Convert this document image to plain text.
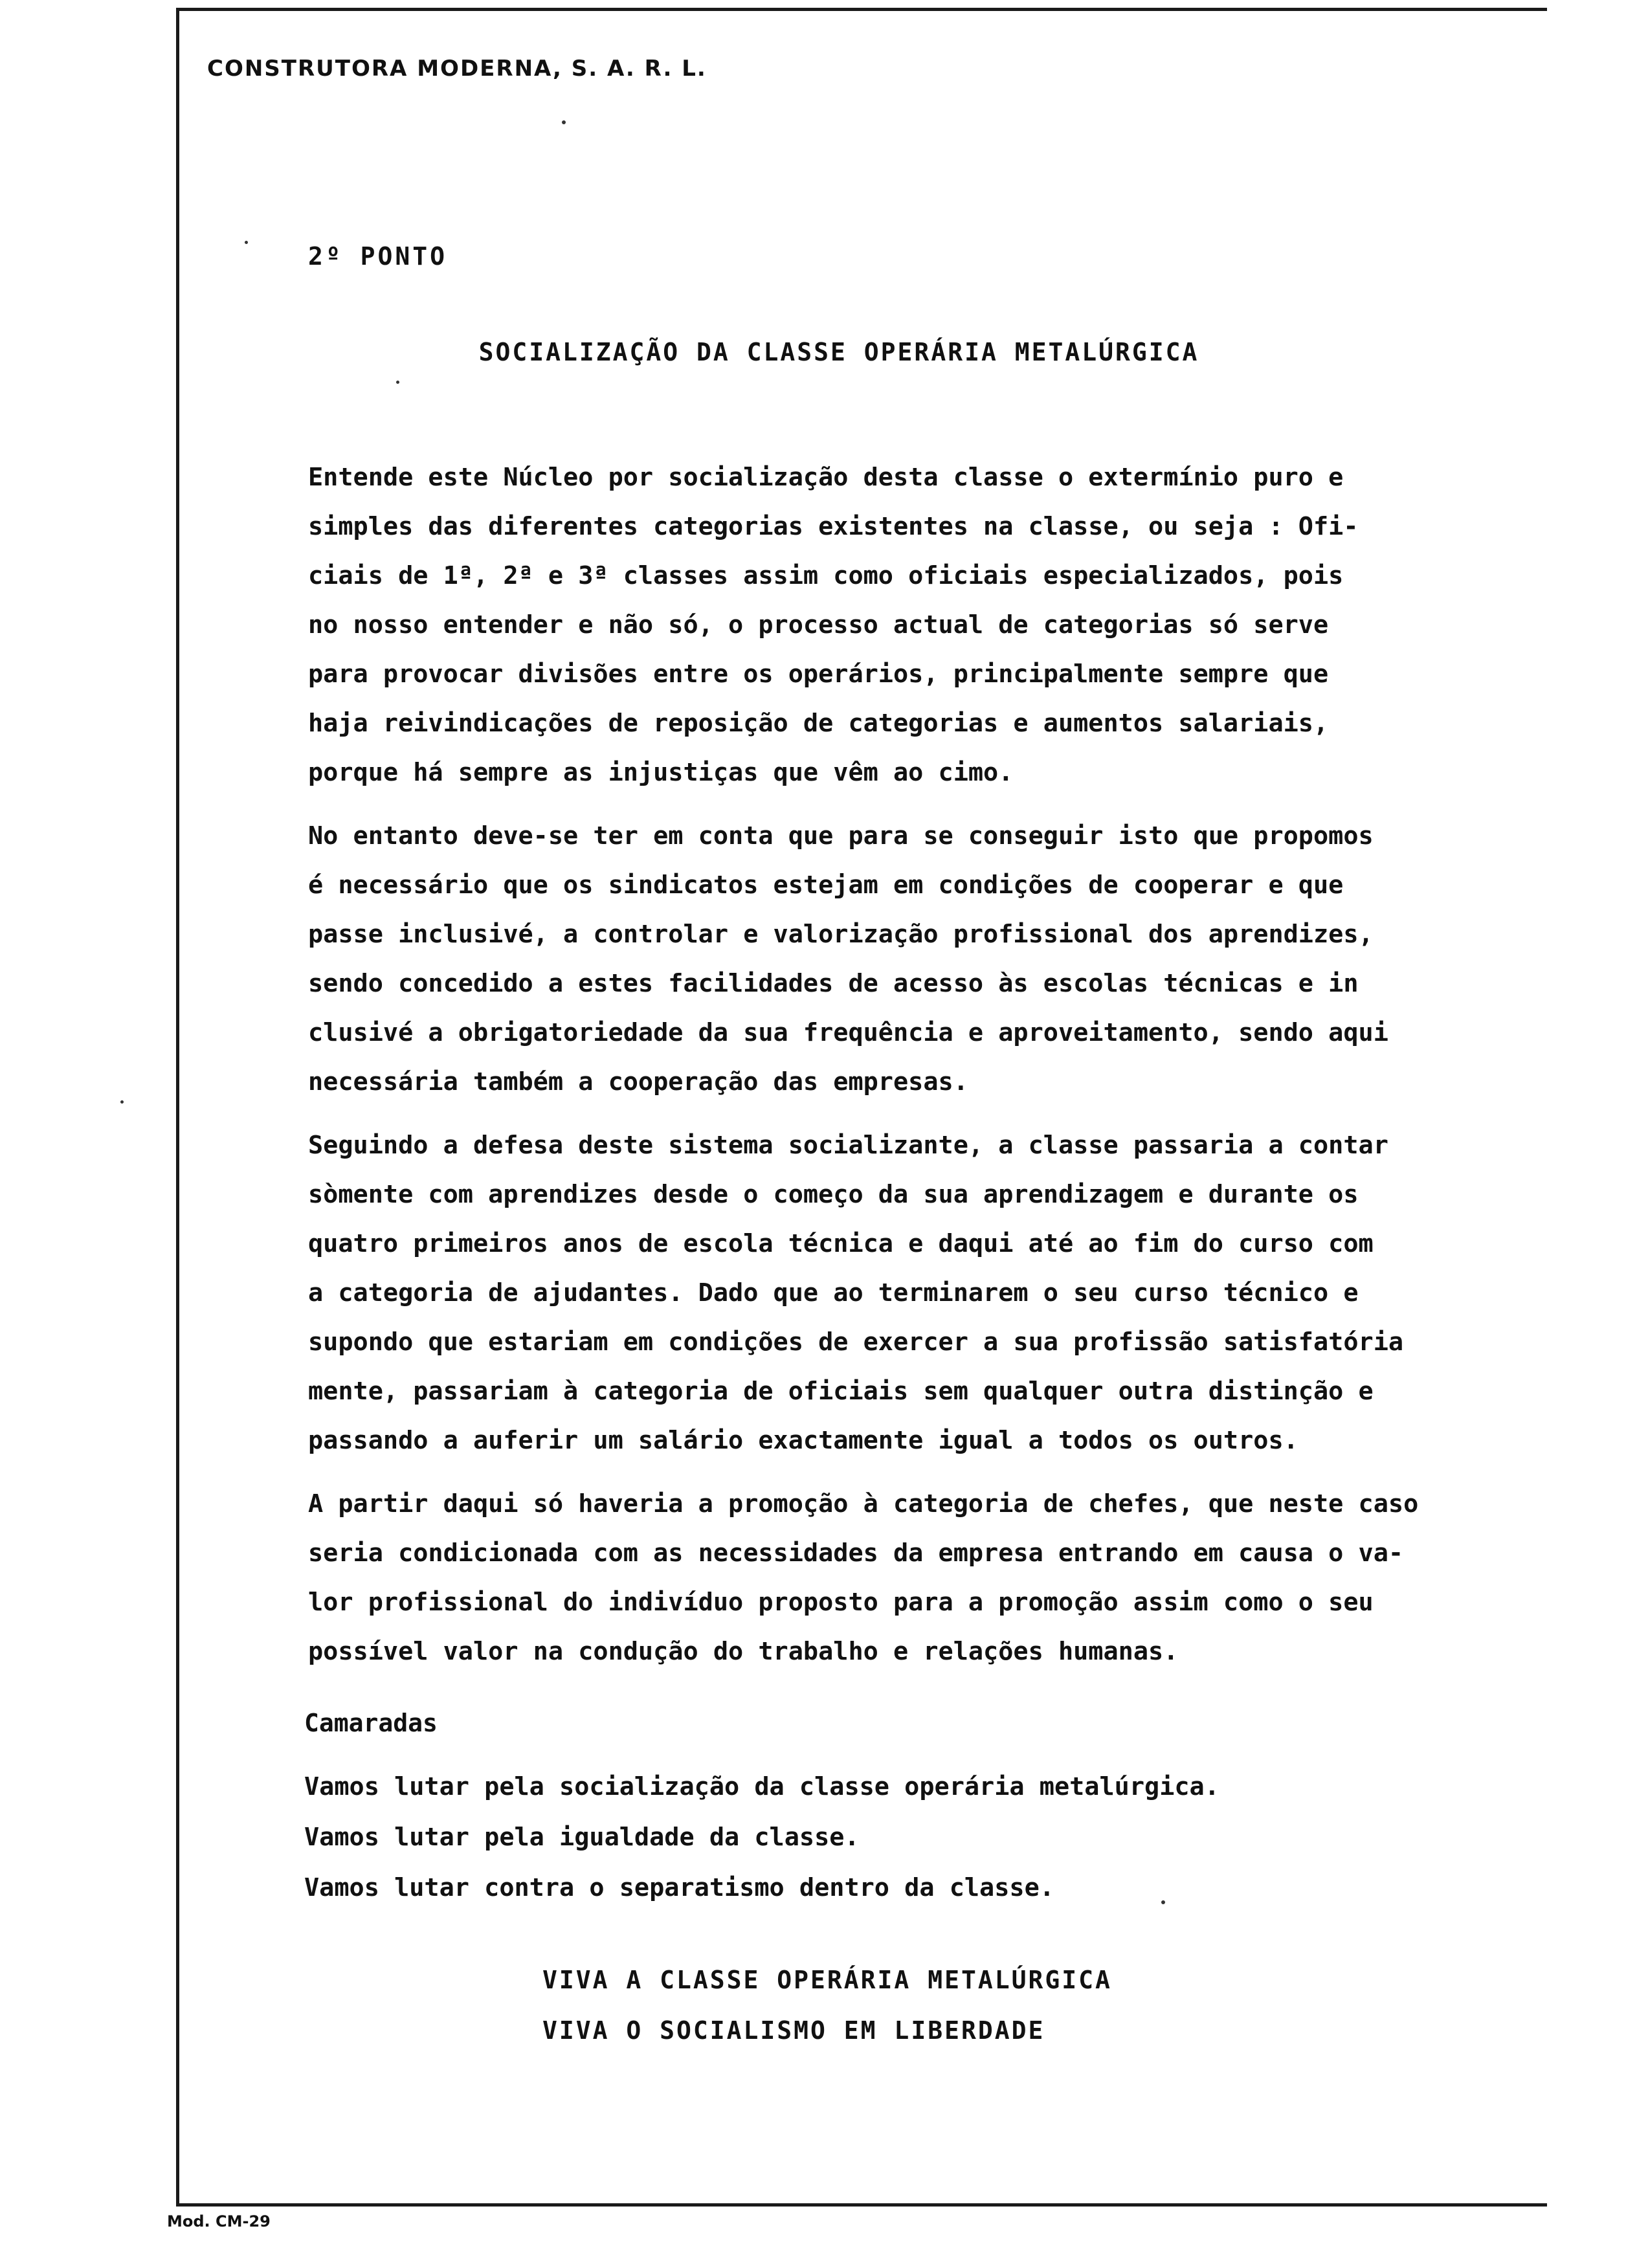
CONSTRUTORA MODERNA, S. A. R. L.
2º PONTO
SOCIALIZAÇÃO DA CLASSE OPERÁRIA METALÚRGICA

Entende este Núcleo por socialização desta classe o extermínio puro e
simples das diferentes categorias existentes na classe, ou seja : Ofi-
ciais de 1ª, 2ª e 3ª classes assim como oficiais especializados, pois
no nosso entender e não só, o processo actual de categorias só serve
para provocar divisões entre os operários, principalmente sempre que
haja reivindicações de reposição de categorias e aumentos salariais,
porque há sempre as injustiças que vêm ao cimo.

No entanto deve-se ter em conta que para se conseguir isto que propomos
é necessário que os sindicatos estejam em condições de cooperar e que
passe inclusivé, a controlar e valorização profissional dos aprendizes,
sendo concedido a estes facilidades de acesso às escolas técnicas e in
clusivé a obrigatoriedade da sua frequência e aproveitamento, sendo aqui
necessária também a cooperação das empresas.

Seguindo a defesa deste sistema socializante, a classe passaria a contar
sòmente com aprendizes desde o começo da sua aprendizagem e durante os
quatro primeiros anos de escola técnica e daqui até ao fim do curso com
a categoria de ajudantes. Dado que ao terminarem o seu curso técnico e
supondo que estariam em condições de exercer a sua profissão satisfatória
mente, passariam à categoria de oficiais sem qualquer outra distinção e
passando a auferir um salário exactamente igual a todos os outros.

A partir daqui só haveria a promoção à categoria de chefes, que neste caso
seria condicionada com as necessidades da empresa entrando em causa o va-
lor profissional do indivíduo proposto para a promoção assim como o seu
possível valor na condução do trabalho e relações humanas.

Camaradas
Vamos lutar pela socialização da classe operária metalúrgica.
Vamos lutar pela igualdade da classe.
Vamos lutar contra o separatismo dentro da classe.
VIVA A CLASSE OPERÁRIA METALÚRGICA
VIVA O SOCIALISMO EM LIBERDADE
Mod. CM-29
